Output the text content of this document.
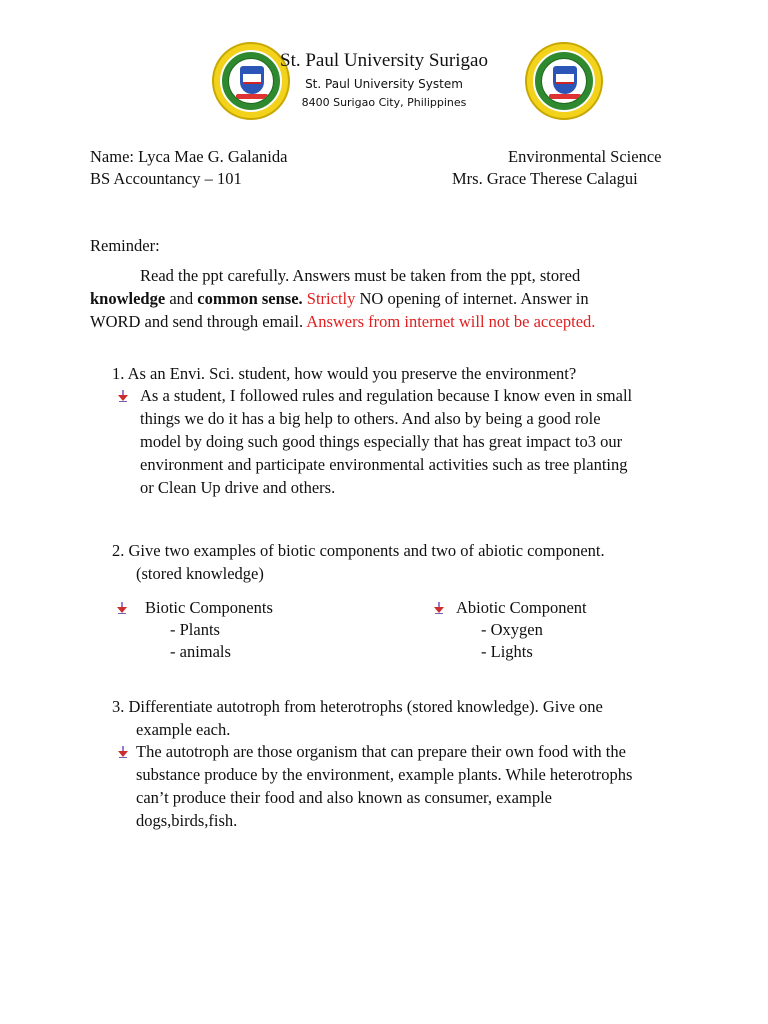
St. Paul University Surigao
St. Paul University System
8400 Surigao City, Philippines
Name: Lyca Mae G. Galanida
BS Accountancy – 101
Environmental Science
Mrs. Grace Therese Calagui
Reminder:
Read the ppt carefully. Answers must be taken from the ppt, stored
knowledge and common sense. Strictly NO opening of internet. Answer in
WORD and send through email. Answers from internet will not be accepted.
1. As an Envi. Sci. student, how would you preserve the environment?
As a student, I followed rules and regulation because I know even in small
things we do it has a big help to others. And also by being a good role
model by doing such good things especially that has great impact to3 our
environment and participate environmental activities such as tree planting
or Clean Up drive and others.
2. Give two examples of biotic components and two of abiotic component.
(stored knowledge)
Biotic Components
- Plants
- animals
Abiotic Component
- Oxygen
- Lights
3. Differentiate autotroph from heterotrophs (stored knowledge). Give one
example each.
The autotroph are those organism that can prepare their own food with the
substance produce by the environment, example plants. While heterotrophs
can’t produce their food and also known as consumer, example
dogs,birds,fish.
